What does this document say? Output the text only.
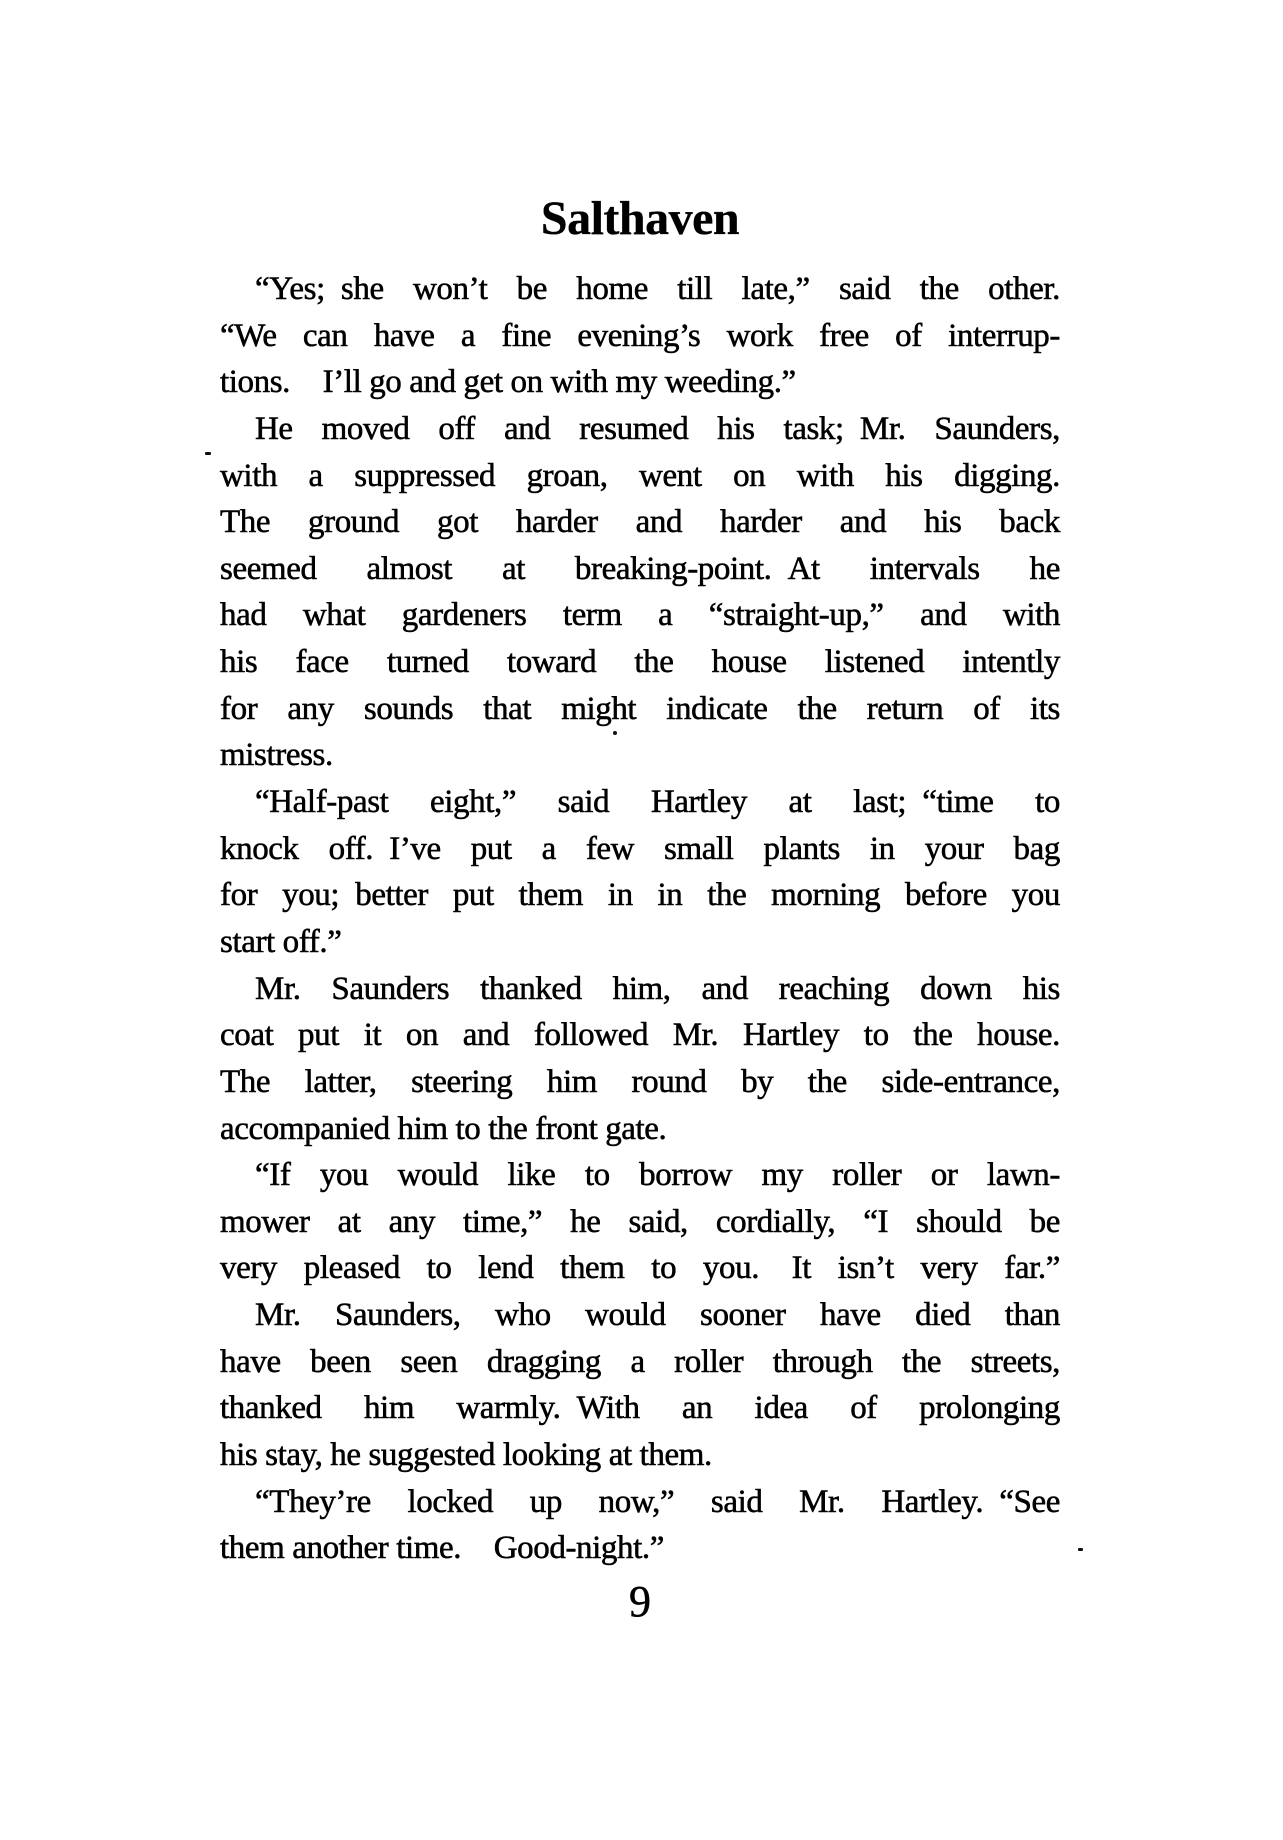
Salthaven
“Yes; she won’t be home till late,” said the other.
“We can have a fine evening’s work free of interrup-
tions. I’ll go and get on with my weeding.”
He moved off and resumed his task; Mr. Saunders,
with a suppressed groan, went on with his digging.
The ground got harder and harder and his back
seemed almost at breaking-point. At intervals he
had what gardeners term a “straight-up,” and with
his face turned toward the house listened intently
for any sounds that might indicate the return of its
mistress.
“Half-past eight,” said Hartley at last; “time to
knock off. I’ve put a few small plants in your bag
for you; better put them in in the morning before you
start off.”
Mr. Saunders thanked him, and reaching down his
coat put it on and followed Mr. Hartley to the house.
The latter, steering him round by the side-entrance,
accompanied him to the front gate.
“If you would like to borrow my roller or lawn-
mower at any time,” he said, cordially, “I should be
very pleased to lend them to you. It isn’t very far.”
Mr. Saunders, who would sooner have died than
have been seen dragging a roller through the streets,
thanked him warmly. With an idea of prolonging
his stay, he suggested looking at them.
“They’re locked up now,” said Mr. Hartley. “See
them another time. Good-night.”
9
